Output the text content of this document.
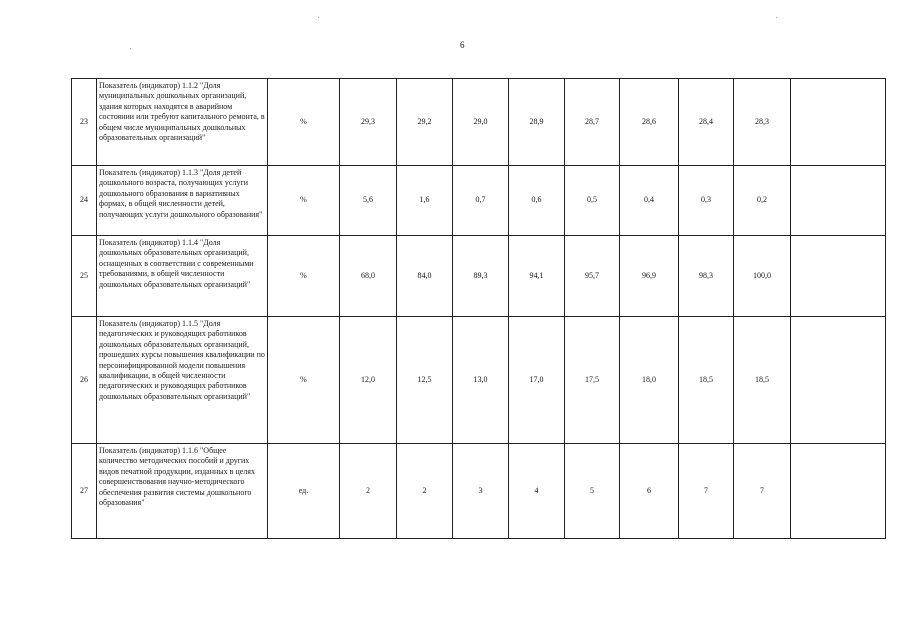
6
23	Показатель (индикатор) 1.1.2 "Доля муниципальных дошкольных организаций, здания которых находятся в аварийном состоянии или требуют капитального ремонта, в общем числе муниципальных дошкольных образовательных организаций"	%	29,3	29,2	29,0	28,9	28,7	28,6	28,4	28,3	
24	Показатель (индикатор) 1.1.3 "Доля детей дошкольного возраста, получающих услуги дошкольного образования в вариативных формах, в общей численности детей, получающих услуги дошкольного образования"	%	5,6	1,6	0,7	0,6	0,5	0,4	0,3	0,2	
25	Показатель (индикатор) 1.1.4 "Доля дошкольных образовательных организаций, оснащенных в соответствии с современными требованиями, в общей численности дошкольных образовательных организаций"	%	68,0	84,0	89,3	94,1	95,7	96,9	98,3	100,0	
26	Показатель (индикатор) 1.1.5 "Доля педагогических и руководящих работников дошкольных образовательных организаций, прошедших курсы повышения квалификации по персонифицированной модели повышения квалификации, в общей численности педагогических и руководящих работников дошкольных образовательных организаций"	%	12,0	12,5	13,0	17,0	17,5	18,0	18,5	18,5	
27	Показатель (индикатор) 1.1.6 "Общее количество методических пособий и других видов печатной продукции, изданных в целях совершенствования научно-методического обеспечения развития системы дошкольного образования"	ед.	2	2	3	4	5	6	7	7	
